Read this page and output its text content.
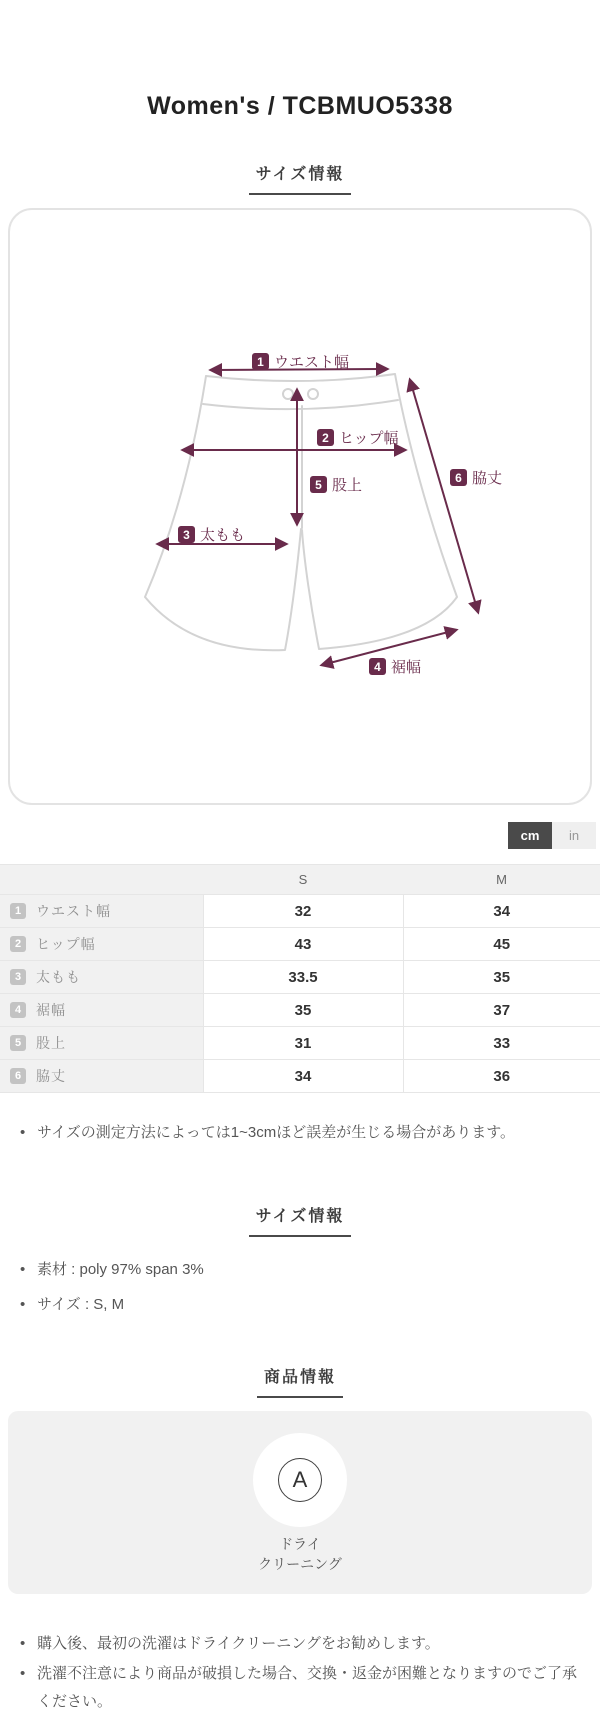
Women's / TCBMUO5338
サイズ情報
1 ウエスト幅
2 ヒップ幅
3 太もも
4 裾幅
5 股上	6 脇丈
cm	in
	S	M
1 ウエスト幅	32	34
2 ヒップ幅	43	45
3 太もも	33.5	35
4 裾幅	35	37
5 股上	31	33
6 脇丈	34	36
• サイズの測定方法によっては1~3cmほど誤差が生じる場合があります。
サイズ情報
• 素材 : poly 97% span 3%
• サイズ : S, M
商品情報
A
ドライ
クリーニング
• 購入後、最初の洗濯はドライクリーニングをお勧めします。
• 洗濯不注意により商品が破損した場合、交換・返金が困難となりますのでご了承ください。
